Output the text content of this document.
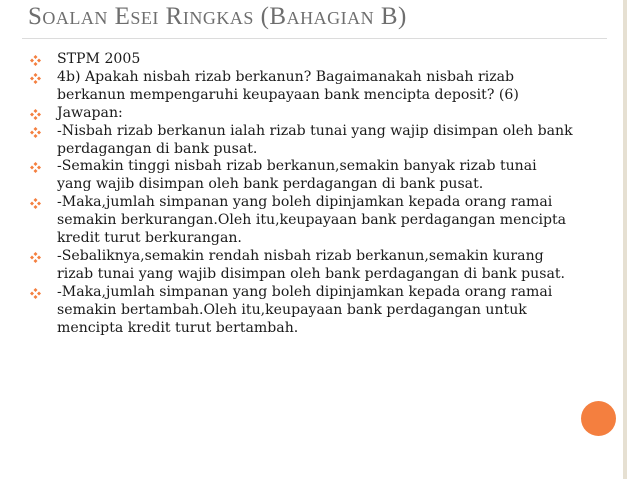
Soalan Esei Ringkas (Bahagian B)
STPM 2005
4b) Apakah nisbah rizab berkanun? Bagaimanakah nisbah rizab berkanun mempengaruhi keupayaan bank mencipta deposit? (6)
Jawapan:
-Nisbah rizab berkanun ialah rizab tunai yang wajip disimpan oleh bank perdagangan di bank pusat.
-Semakin tinggi nisbah rizab berkanun,semakin banyak rizab tunai yang wajib disimpan oleh bank perdagangan di bank pusat.
-Maka,jumlah simpanan yang boleh dipinjamkan kepada orang ramai semakin berkurangan.Oleh itu,keupayaan bank perdagangan mencipta kredit turut berkurangan.
-Sebaliknya,semakin rendah nisbah rizab berkanun,semakin kurang rizab tunai yang wajib disimpan oleh bank perdagangan di bank pusat.
-Maka,jumlah simpanan yang boleh dipinjamkan kepada orang ramai semakin bertambah.Oleh itu,keupayaan bank perdagangan untuk mencipta kredit turut bertambah.
